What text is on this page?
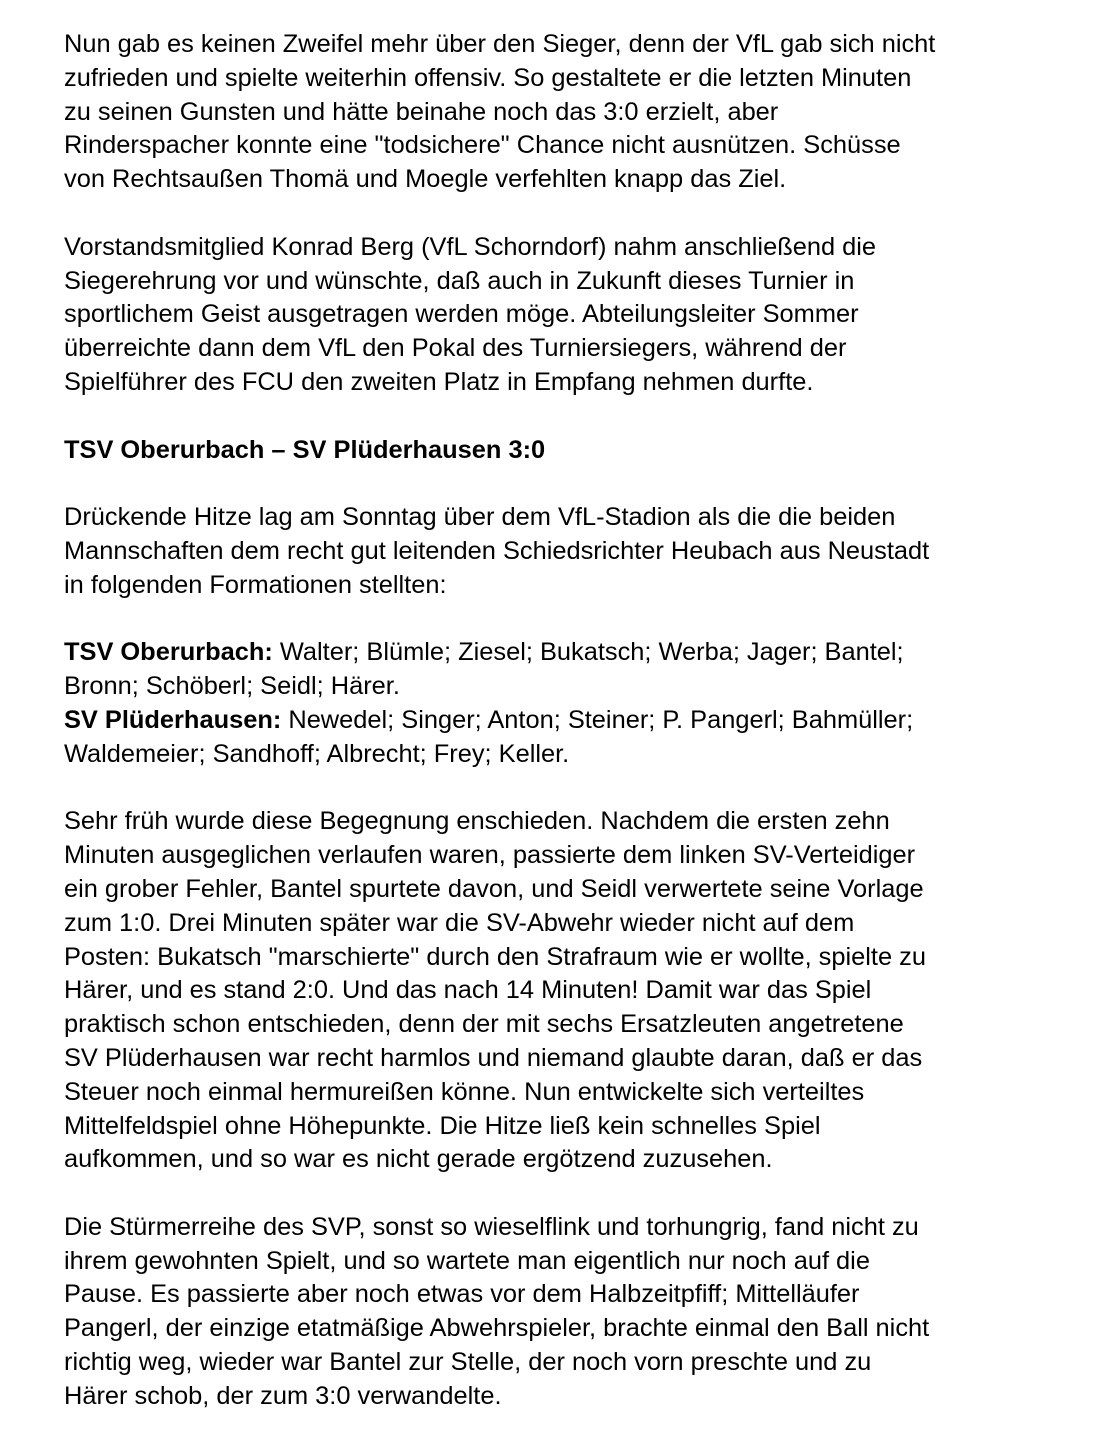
Nun gab es keinen Zweifel mehr über den Sieger, denn der VfL gab sich nicht
zufrieden und spielte weiterhin offensiv. So gestaltete er die letzten Minuten
zu seinen Gunsten und hätte beinahe noch das 3:0 erzielt, aber
Rinderspacher konnte eine "todsichere" Chance nicht ausnützen. Schüsse
von Rechtsaußen Thomä und Moegle verfehlten knapp das Ziel.
Vorstandsmitglied Konrad Berg (VfL Schorndorf) nahm anschließend die
Siegerehrung vor und wünschte, daß auch in Zukunft dieses Turnier in
sportlichem Geist ausgetragen werden möge. Abteilungsleiter Sommer
überreichte dann dem VfL den Pokal des Turniersiegers, während der
Spielführer des FCU den zweiten Platz in Empfang nehmen durfte.
TSV Oberurbach – SV Plüderhausen 3:0
Drückende Hitze lag am Sonntag über dem VfL-Stadion als die die beiden
Mannschaften dem recht gut leitenden Schiedsrichter Heubach aus Neustadt
in folgenden Formationen stellten:
TSV Oberurbach: Walter; Blümle; Ziesel; Bukatsch; Werba; Jager; Bantel;
Bronn; Schöberl; Seidl; Härer.
SV Plüderhausen: Newedel; Singer; Anton; Steiner; P. Pangerl; Bahmüller;
Waldemeier; Sandhoff; Albrecht; Frey; Keller.
Sehr früh wurde diese Begegnung enschieden. Nachdem die ersten zehn
Minuten ausgeglichen verlaufen waren, passierte dem linken SV-Verteidiger
ein grober Fehler, Bantel spurtete davon, und Seidl verwertete seine Vorlage
zum 1:0. Drei Minuten später war die SV-Abwehr wieder nicht auf dem
Posten: Bukatsch "marschierte" durch den Strafraum wie er wollte, spielte zu
Härer, und es stand 2:0. Und das nach 14 Minuten! Damit war das Spiel
praktisch schon entschieden, denn der mit sechs Ersatzleuten angetretene
SV Plüderhausen war recht harmlos und niemand glaubte daran, daß er das
Steuer noch einmal hermureißen könne. Nun entwickelte sich verteiltes
Mittelfeldspiel ohne Höhepunkte. Die Hitze ließ kein schnelles Spiel
aufkommen, und so war es nicht gerade ergötzend zuzusehen.
Die Stürmerreihe des SVP, sonst so wieselflink und torhungrig, fand nicht zu
ihrem gewohnten Spielt, und so wartete man eigentlich nur noch auf die
Pause. Es passierte aber noch etwas vor dem Halbzeitpfiff; Mittelläufer
Pangerl, der einzige etatmäßige Abwehrspieler, brachte einmal den Ball nicht
richtig weg, wieder war Bantel zur Stelle, der noch vorn preschte und zu
Härer schob, der zum 3:0 verwandelte.
